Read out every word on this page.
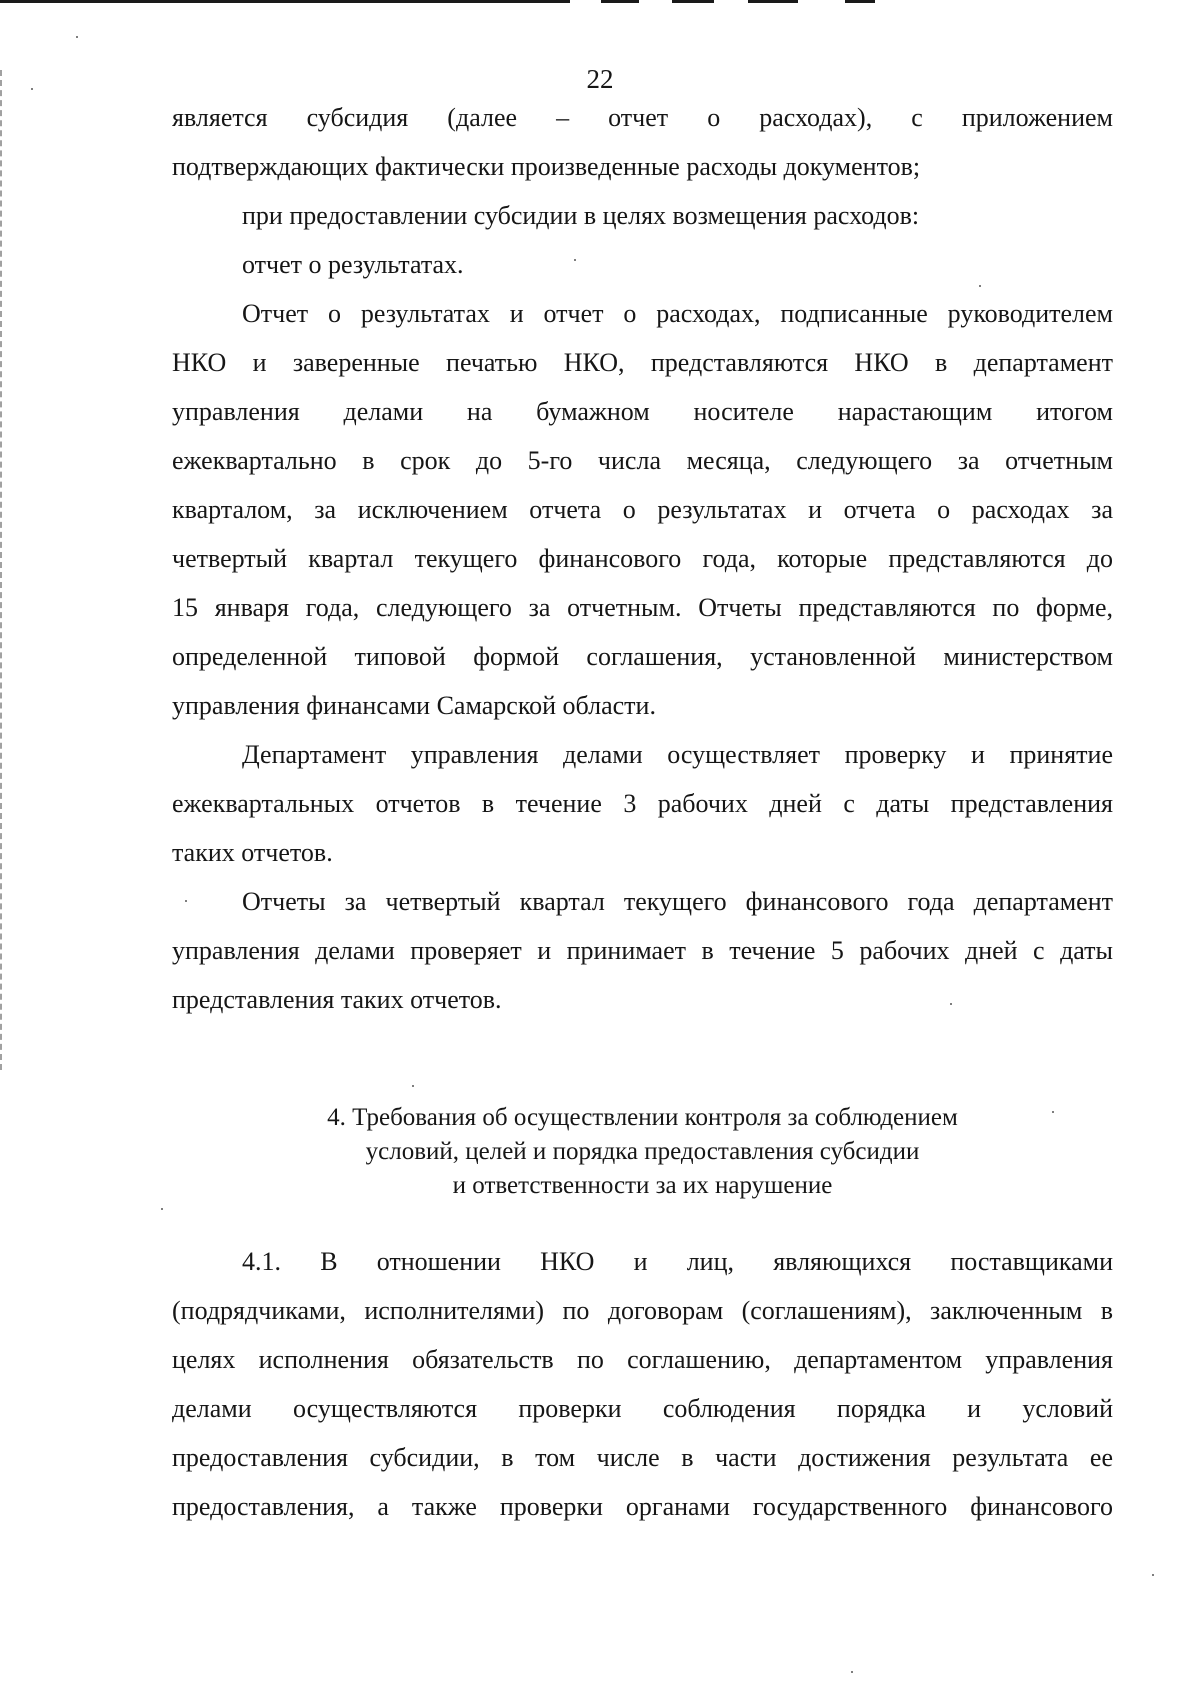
22

является субсидия (далее – отчет о расходах), с приложением

подтверждающих фактически произведенные расходы документов;

при предоставлении субсидии в целях возмещения расходов:

отчет о результатах.

Отчет о результатах и отчет о расходах, подписанные руководителем

НКО и заверенные печатью НКО, представляются НКО в департамент

управления делами на бумажном носителе нарастающим итогом

ежеквартально в срок до 5-го числа месяца, следующего за отчетным

кварталом, за исключением отчета о результатах и отчета о расходах за

четвертый квартал текущего финансового года, которые представляются до

15 января года, следующего за отчетным. Отчеты представляются по форме,

определенной типовой формой соглашения, установленной министерством

управления финансами Самарской области.

Департамент управления делами осуществляет проверку и принятие

ежеквартальных отчетов в течение 3 рабочих дней с даты представления

таких отчетов.

Отчеты за четвертый квартал текущего финансового года департамент

управления делами проверяет и принимает в течение 5 рабочих дней с даты

представления таких отчетов.

4. Требования об осуществлении контроля за соблюдением
условий, целей и порядка предоставления субсидии
и ответственности за их нарушение

4.1. В отношении НКО и лиц, являющихся поставщиками

(подрядчиками, исполнителями) по договорам (соглашениям), заключенным в

целях исполнения обязательств по соглашению, департаментом управления

делами осуществляются проверки соблюдения порядка и условий

предоставления субсидии, в том числе в части достижения результата ее

предоставления, а также проверки органами государственного финансового
